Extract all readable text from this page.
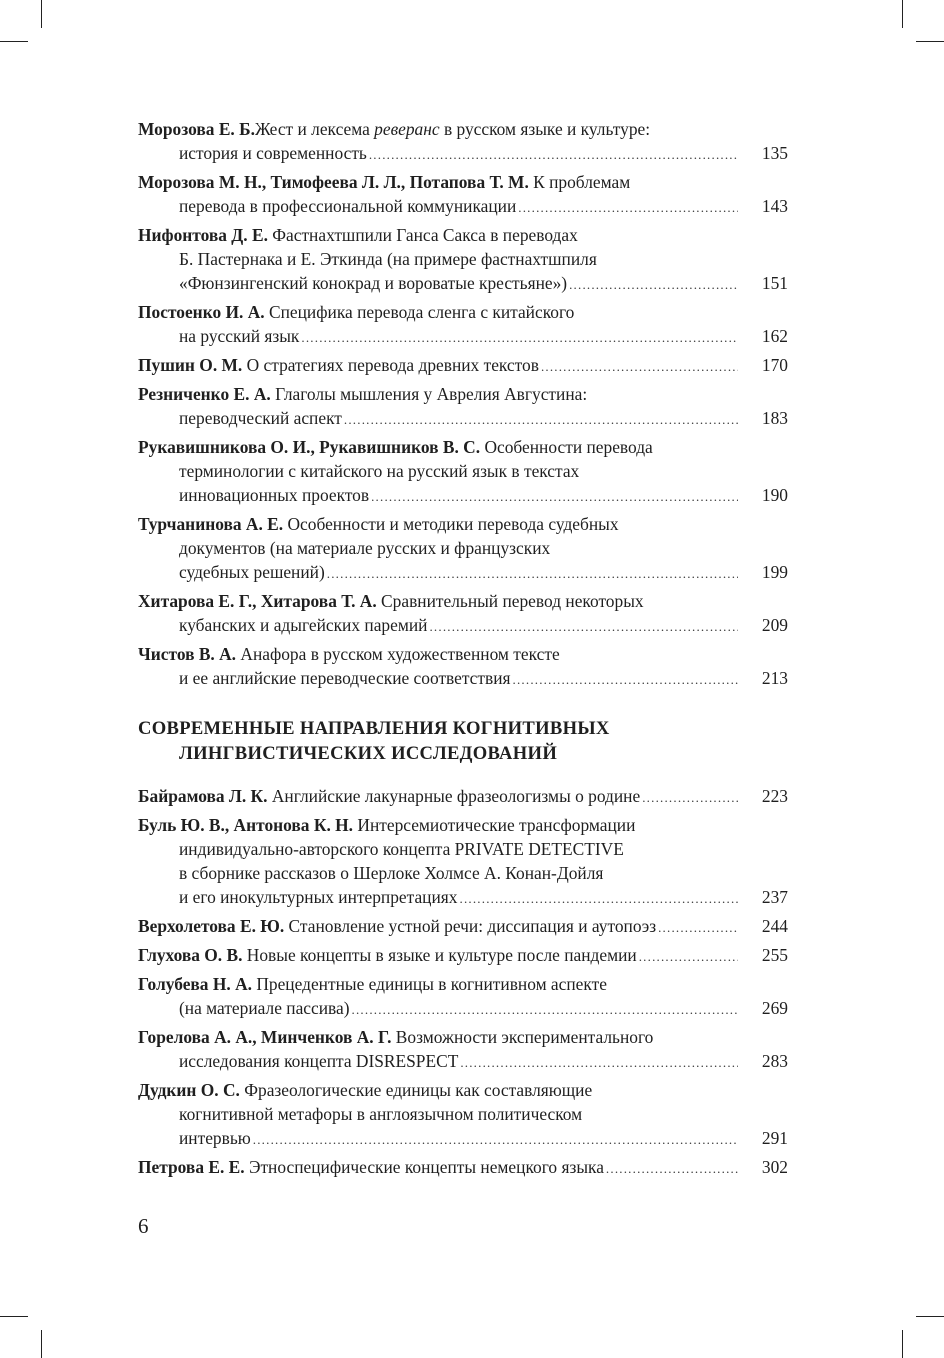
Морозова Е. Б.Жест и лексема реверанс в русском языке и культуре:
история и современность .....	135
Морозова М. Н., Тимофеева Л. Л., Потапова Т. М. К проблемам
перевода в профессиональной коммуникации .....	143
Нифонтова Д. Е. Фастнахтшпили Ганса Сакса в переводах
Б. Пастернака и Е. Эткинда (на примере фастнахтшпиля
«Фюнзингенский конокрад и вороватые крестьяне») .....	151
Постоенко И. А. Специфика перевода сленга с китайского
на русский язык .....	162
Пушин О. М. О стратегиях перевода древних текстов .....	170
Резниченко Е. А. Глаголы мышления у Аврелия Августина:
переводческий аспект .....	183
Рукавишникова О. И., Рукавишников В. С. Особенности перевода
терминологии с китайского на русский язык в текстах
инновационных проектов .....	190
Турчанинова А. Е. Особенности и методики перевода судебных
документов (на материале русских и французских
судебных решений) .....	199
Хитарова Е. Г., Хитарова Т. А. Сравнительный перевод некоторых
кубанских и адыгейских паремий .....	209
Чистов В. А. Анафора в русском художественном тексте
и ее английские переводческие соответствия .....	213
СОВРЕМЕННЫЕ НАПРАВЛЕНИЯ КОГНИТИВНЫХ
ЛИНГВИСТИЧЕСКИХ ИССЛЕДОВАНИЙ
Байрамова Л. К. Английские лакунарные фразеологизмы о родине .....	223
Буль Ю. В., Антонова К. Н. Интерсемиотические трансформации
индивидуально-авторского концепта PRIVATE DETECTIVE
в сборнике рассказов о Шерлоке Холмсе А. Конан-Дойля
и его инокультурных интерпретациях .....	237
Верхолетова Е. Ю. Становление устной речи: диссипация и аутопоэз .....	244
Глухова О. В. Новые концепты в языке и культуре после пандемии .....	255
Голубева Н. А. Прецедентные единицы в когнитивном аспекте
(на материале пассива) .....	269
Горелова А. А., Минченков А. Г. Возможности экспериментального
исследования концепта DISRESPECT .....	283
Дудкин О. С. Фразеологические единицы как составляющие
когнитивной метафоры в англоязычном политическом
интервью .....	291
Петрова Е. Е. Этноспецифические концепты немецкого языка .....	302
6
